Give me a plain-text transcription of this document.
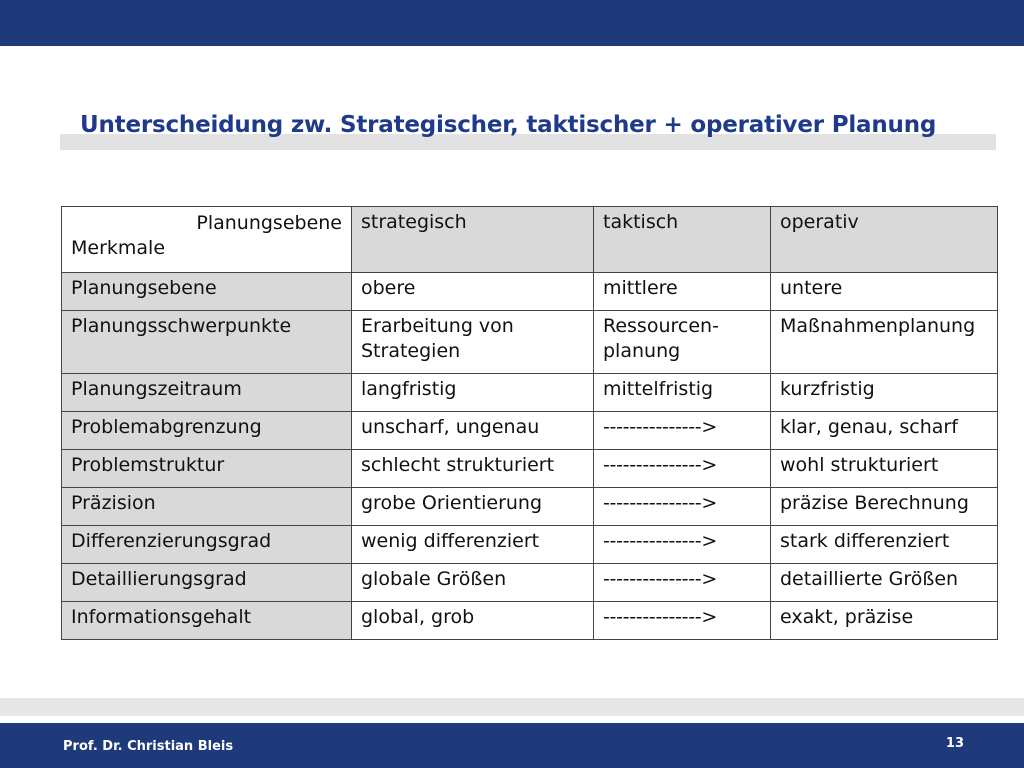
Unterscheidung zw. Strategischer, taktischer + operativer Planung
Planungsebene
Merkmale	strategisch	taktisch	operativ
Planungsebene	obere	mittlere	untere
Planungsschwerpunkte	Erarbeitung von Strategien	Ressourcen-planung	Maßnahmenplanung
Planungszeitraum	langfristig	mittelfristig	kurzfristig
Problemabgrenzung	unscharf, ungenau	--------------->	klar, genau, scharf
Problemstruktur	schlecht strukturiert	--------------->	wohl strukturiert
Präzision	grobe Orientierung	--------------->	präzise Berechnung
Differenzierungsgrad	wenig differenziert	--------------->	stark differenziert
Detaillierungsgrad	globale Größen	--------------->	detaillierte Größen
Informationsgehalt	global, grob	--------------->	exakt, präzise
Prof. Dr. Christian Bleis	13
